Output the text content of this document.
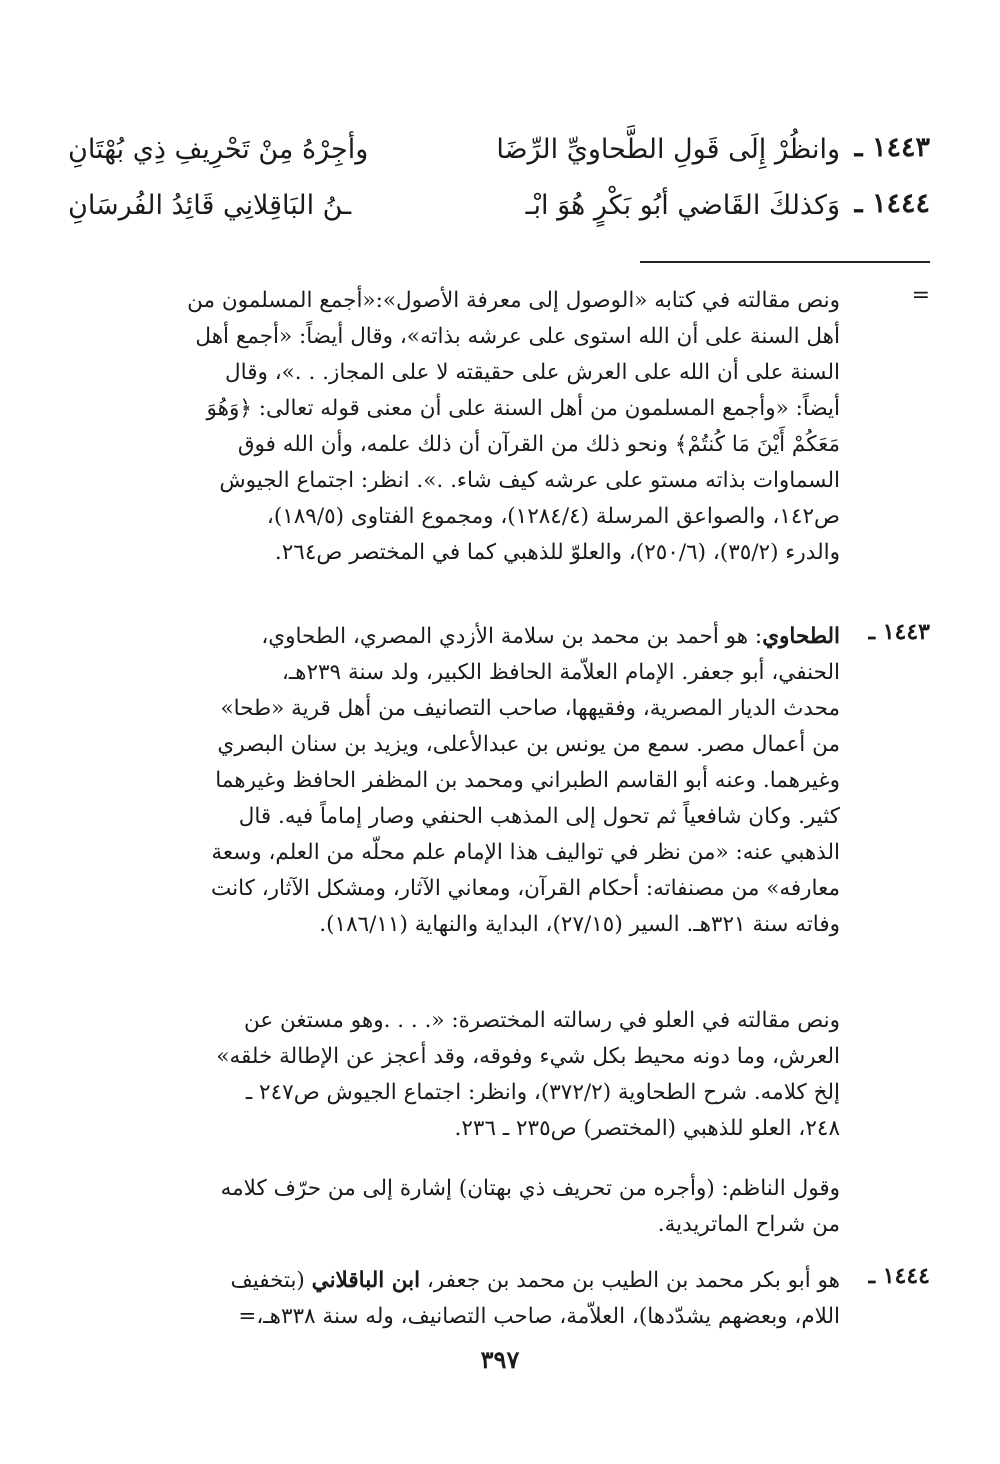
١٤٤٣ ـ
وانظُرْ إِلَى قَولِ الطَّحاويِّ الرِّضَا
وأجِرْهُ مِنْ تَحْرِيفِ ذِي بُهْتَانِ
١٤٤٤ ـ
وَكذلكَ القَاضي أبُو بَكْرٍ هُوَ ابْـ
ـنُ البَاقِلانِي قَائِدُ الفُرسَانِ
=
ونص مقالته في كتابه «الوصول إلى معرفة الأصول»:«أجمع المسلمون من
أهل السنة على أن الله استوى على عرشه بذاته»، وقال أيضاً: «أجمع أهل
السنة على أن الله على العرش على حقيقته لا على المجاز. . .»، وقال
أيضاً: «وأجمع المسلمون من أهل السنة على أن معنى قوله تعالى: ﴿وَهُوَ
مَعَكُمْ أَيْنَ مَا كُنتُمْ﴾ ونحو ذلك من القرآن أن ذلك علمه، وأن الله فوق
السماوات بذاته مستو على عرشه كيف شاء. .». انظر: اجتماع الجيوش
ص١٤٢، والصواعق المرسلة (١٢٨٤/٤)، ومجموع الفتاوى (١٨٩/٥)،
والدرء (٣٥/٢)، (٢٥٠/٦)، والعلوّ للذهبي كما في المختصر ص٢٦٤.
١٤٤٣ ـ
الطحاوي: هو أحمد بن محمد بن سلامة الأزدي المصري، الطحاوي،
الحنفي، أبو جعفر. الإمام العلاّمة الحافظ الكبير، ولد سنة ٢٣٩هـ،
محدث الديار المصرية، وفقيهها، صاحب التصانيف من أهل قرية «طحا»
من أعمال مصر. سمع من يونس بن عبدالأعلى، ويزيد بن سنان البصري
وغيرهما. وعنه أبو القاسم الطبراني ومحمد بن المظفر الحافظ وغيرهما
كثير. وكان شافعياً ثم تحول إلى المذهب الحنفي وصار إماماً فيه. قال
الذهبي عنه: «من نظر في تواليف هذا الإمام علم محلّه من العلم، وسعة
معارفه» من مصنفاته: أحكام القرآن، ومعاني الآثار، ومشكل الآثار، كانت
وفاته سنة ٣٢١هـ. السير (٢٧/١٥)، البداية والنهاية (١٨٦/١١).
ونص مقالته في العلو في رسالته المختصرة: «. . . .وهو مستغن عن
العرش، وما دونه محيط بكل شيء وفوقه، وقد أعجز عن الإطالة خلقه»
إلخ كلامه. شرح الطحاوية (٣٧٢/٢)، وانظر: اجتماع الجيوش ص٢٤٧ ـ
٢٤٨، العلو للذهبي (المختصر) ص٢٣٥ ـ ٢٣٦.
وقول الناظم: (وأجره من تحريف ذي بهتان) إشارة إلى من حرّف كلامه
من شراح الماتريدية.
١٤٤٤ ـ
هو أبو بكر محمد بن الطيب بن محمد بن جعفر، ابن الباقلاني (بتخفيف
اللام، وبعضهم يشدّدها)، العلاّمة، صاحب التصانيف، وله سنة ٣٣٨هـ،=
٣٩٧
